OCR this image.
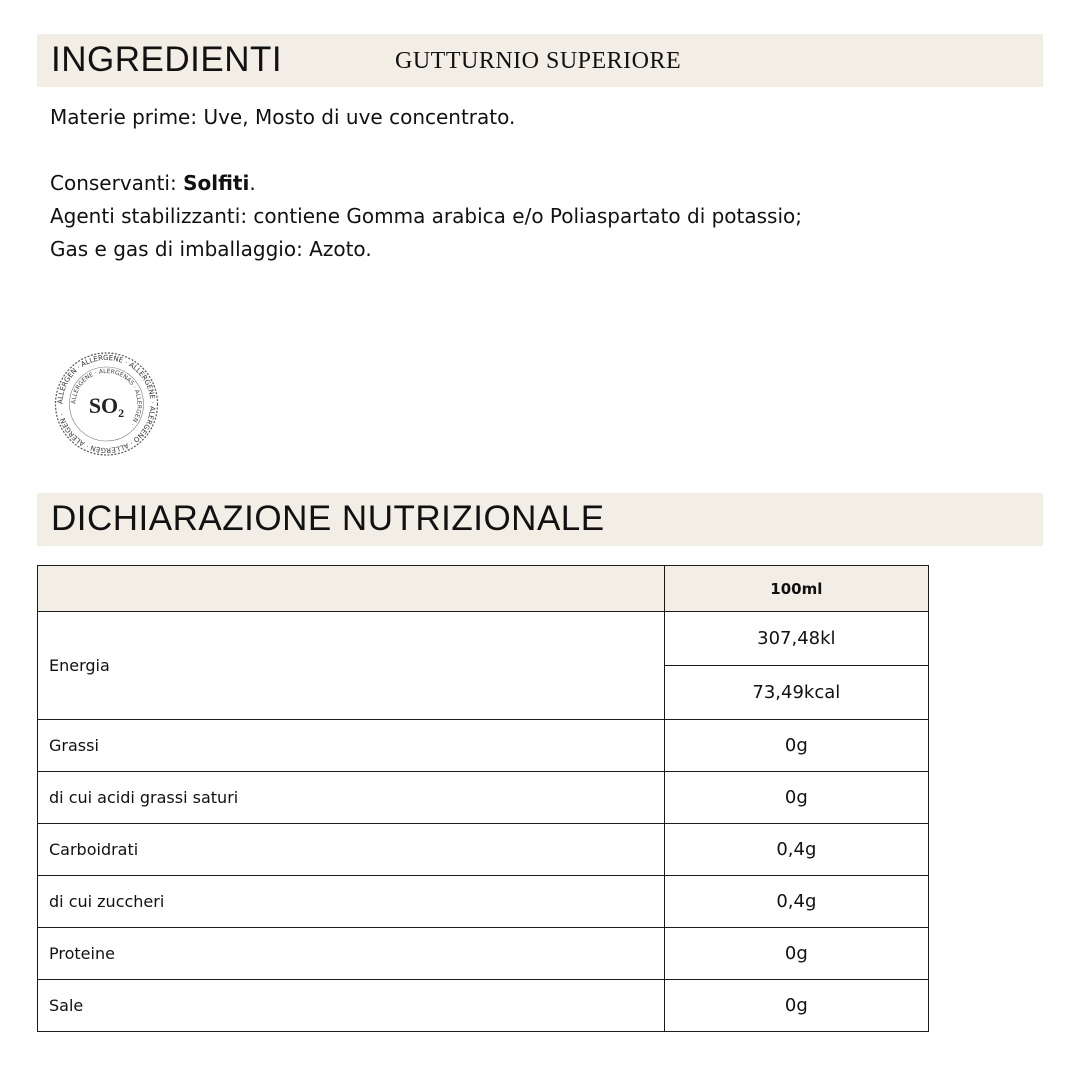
INGREDIENTI	GUTTURNIO SUPERIORE
Materie prime: Uve, Mosto di uve concentrato.
Conservanti: Solfiti.
Agenti stabilizzanti: contiene Gomma arabica e/o Poliaspartato di potassio;
Gas e gas di imballaggio: Azoto.
ALLERGEN · ALLERGENE · ALLERGÈNE · ALERGENO · ALLERGEN · ALERGEN ·
ALLERGENE · ALERGENAS · ALLERGEN ·
SO2
DICHIARAZIONE NUTRIZIONALE
	100ml
Energia	307,48kl
	73,49kcal
Grassi	0g
di cui acidi grassi saturi	0g
Carboidrati	0,4g
di cui zuccheri	0,4g
Proteine	0g
Sale	0g
